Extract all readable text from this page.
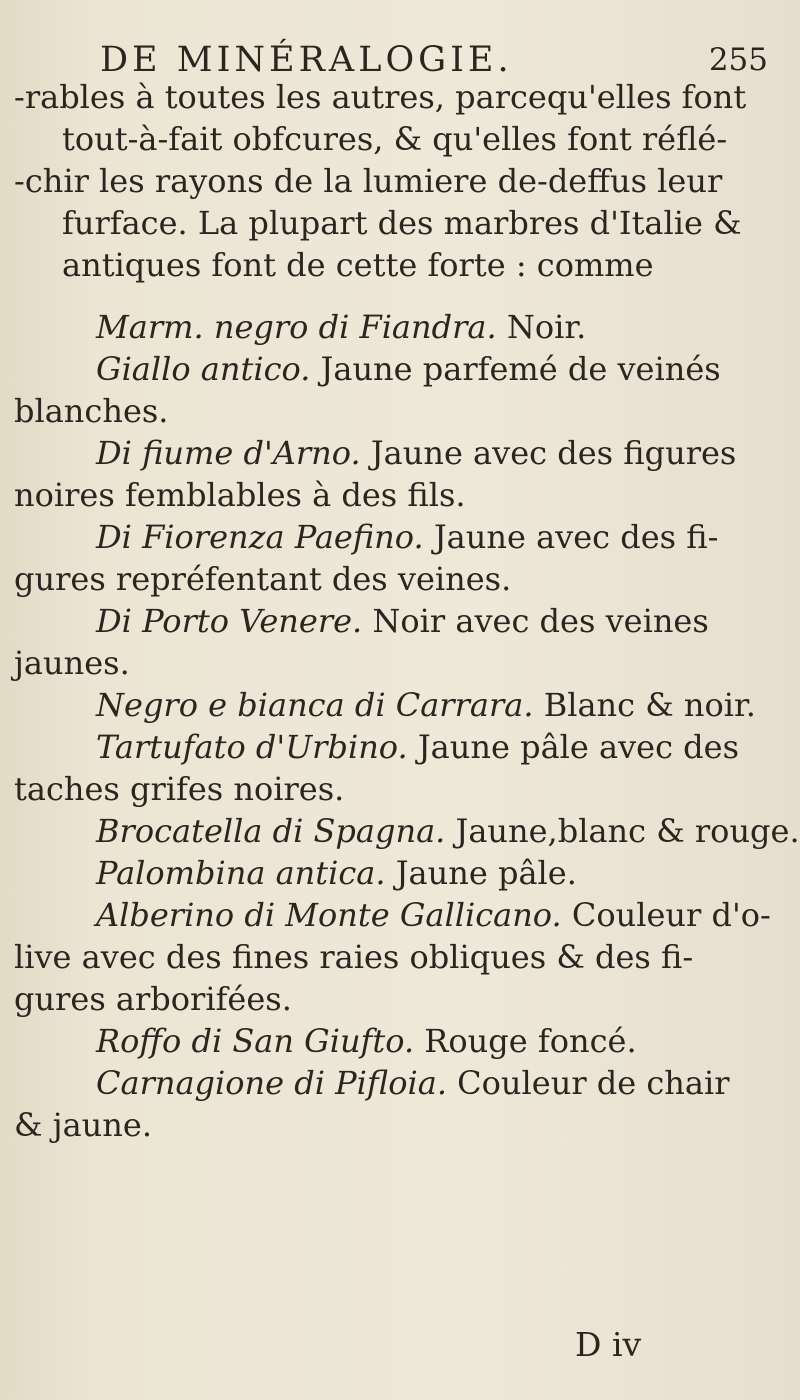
DE MINÉRALOGIE.	255
-rables à toutes les autres, parcequ'elles font
tout-à-fait obfcures, & qu'elles font réflé-
-chir les rayons de la lumiere de-deffus leur
furface. La plupart des marbres d'Italie &
antiques font de cette forte : comme
Marm. negro di Fiandra. Noir.
Giallo antico. Jaune parfemé de veinés
blanches.
Di fiume d'Arno. Jaune avec des figures
noires femblables à des fils.
Di Fiorenza Paefino. Jaune avec des fi-
gures repréfentant des veines.
Di Porto Venere. Noir avec des veines
jaunes.
Negro e bianca di Carrara. Blanc & noir.
Tartufato d'Urbino. Jaune pâle avec des
taches grifes noires.
Brocatella di Spagna. Jaune,blanc & rouge.
Palombina antica. Jaune pâle.
Alberino di Monte Gallicano. Couleur d'o-
live avec des fines raies obliques & des fi-
gures arborifées.
Roffo di San Giufto. Rouge foncé.
Carnagione di Pifloia. Couleur de chair
& jaune.
D iv
